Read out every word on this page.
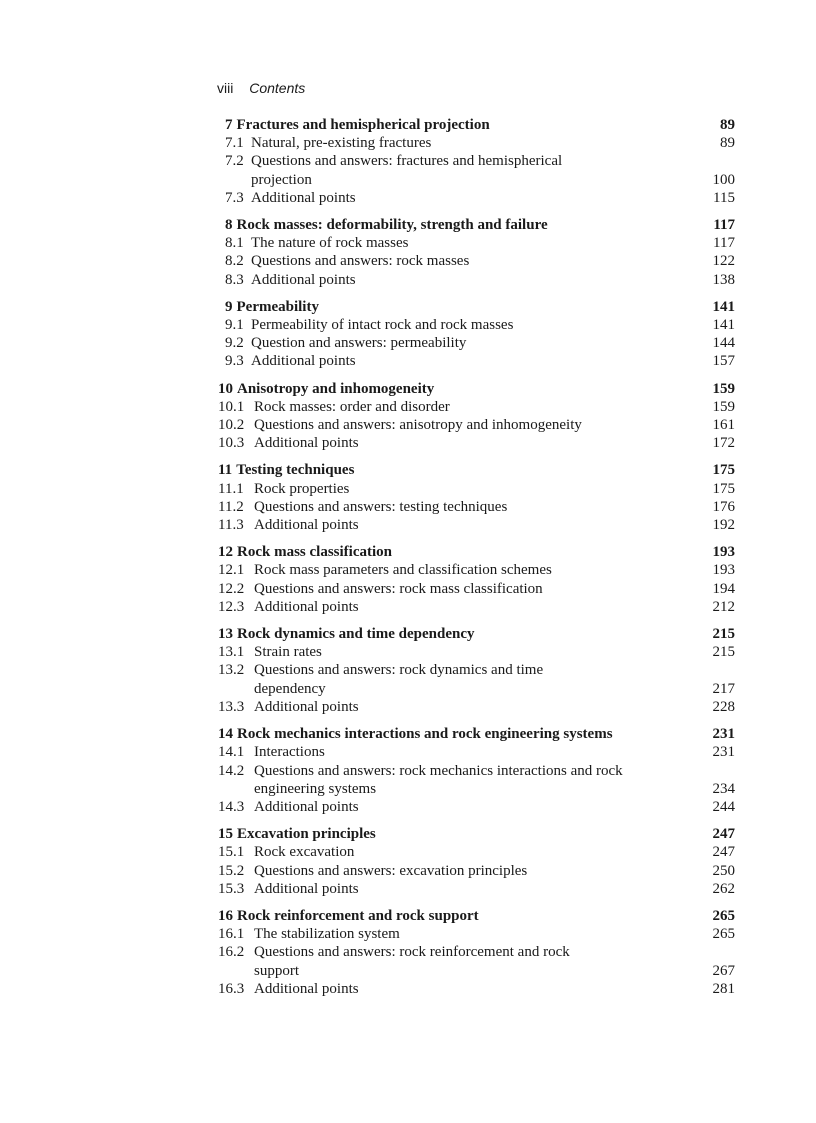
viii Contents
7 Fractures and hemispherical projection	89
7.1 Natural, pre-existing fractures	89
7.2 Questions and answers: fractures and hemispherical
projection	100
7.3 Additional points	115
8 Rock masses: deformability, strength and failure	117
8.1 The nature of rock masses	117
8.2 Questions and answers: rock masses	122
8.3 Additional points	138
9 Permeability	141
9.1 Permeability of intact rock and rock masses	141
9.2 Question and answers: permeability	144
9.3 Additional points	157
10 Anisotropy and inhomogeneity	159
10.1 Rock masses: order and disorder	159
10.2 Questions and answers: anisotropy and inhomogeneity	161
10.3 Additional points	172
11 Testing techniques	175
11.1 Rock properties	175
11.2 Questions and answers: testing techniques	176
11.3 Additional points	192
12 Rock mass classification	193
12.1 Rock mass parameters and classification schemes	193
12.2 Questions and answers: rock mass classification	194
12.3 Additional points	212
13 Rock dynamics and time dependency	215
13.1 Strain rates	215
13.2 Questions and answers: rock dynamics and time
dependency	217
13.3 Additional points	228
14 Rock mechanics interactions and rock engineering systems	231
14.1 Interactions	231
14.2 Questions and answers: rock mechanics interactions and rock
engineering systems	234
14.3 Additional points	244
15 Excavation principles	247
15.1 Rock excavation	247
15.2 Questions and answers: excavation principles	250
15.3 Additional points	262
16 Rock reinforcement and rock support	265
16.1 The stabilization system	265
16.2 Questions and answers: rock reinforcement and rock
support	267
16.3 Additional points	281
